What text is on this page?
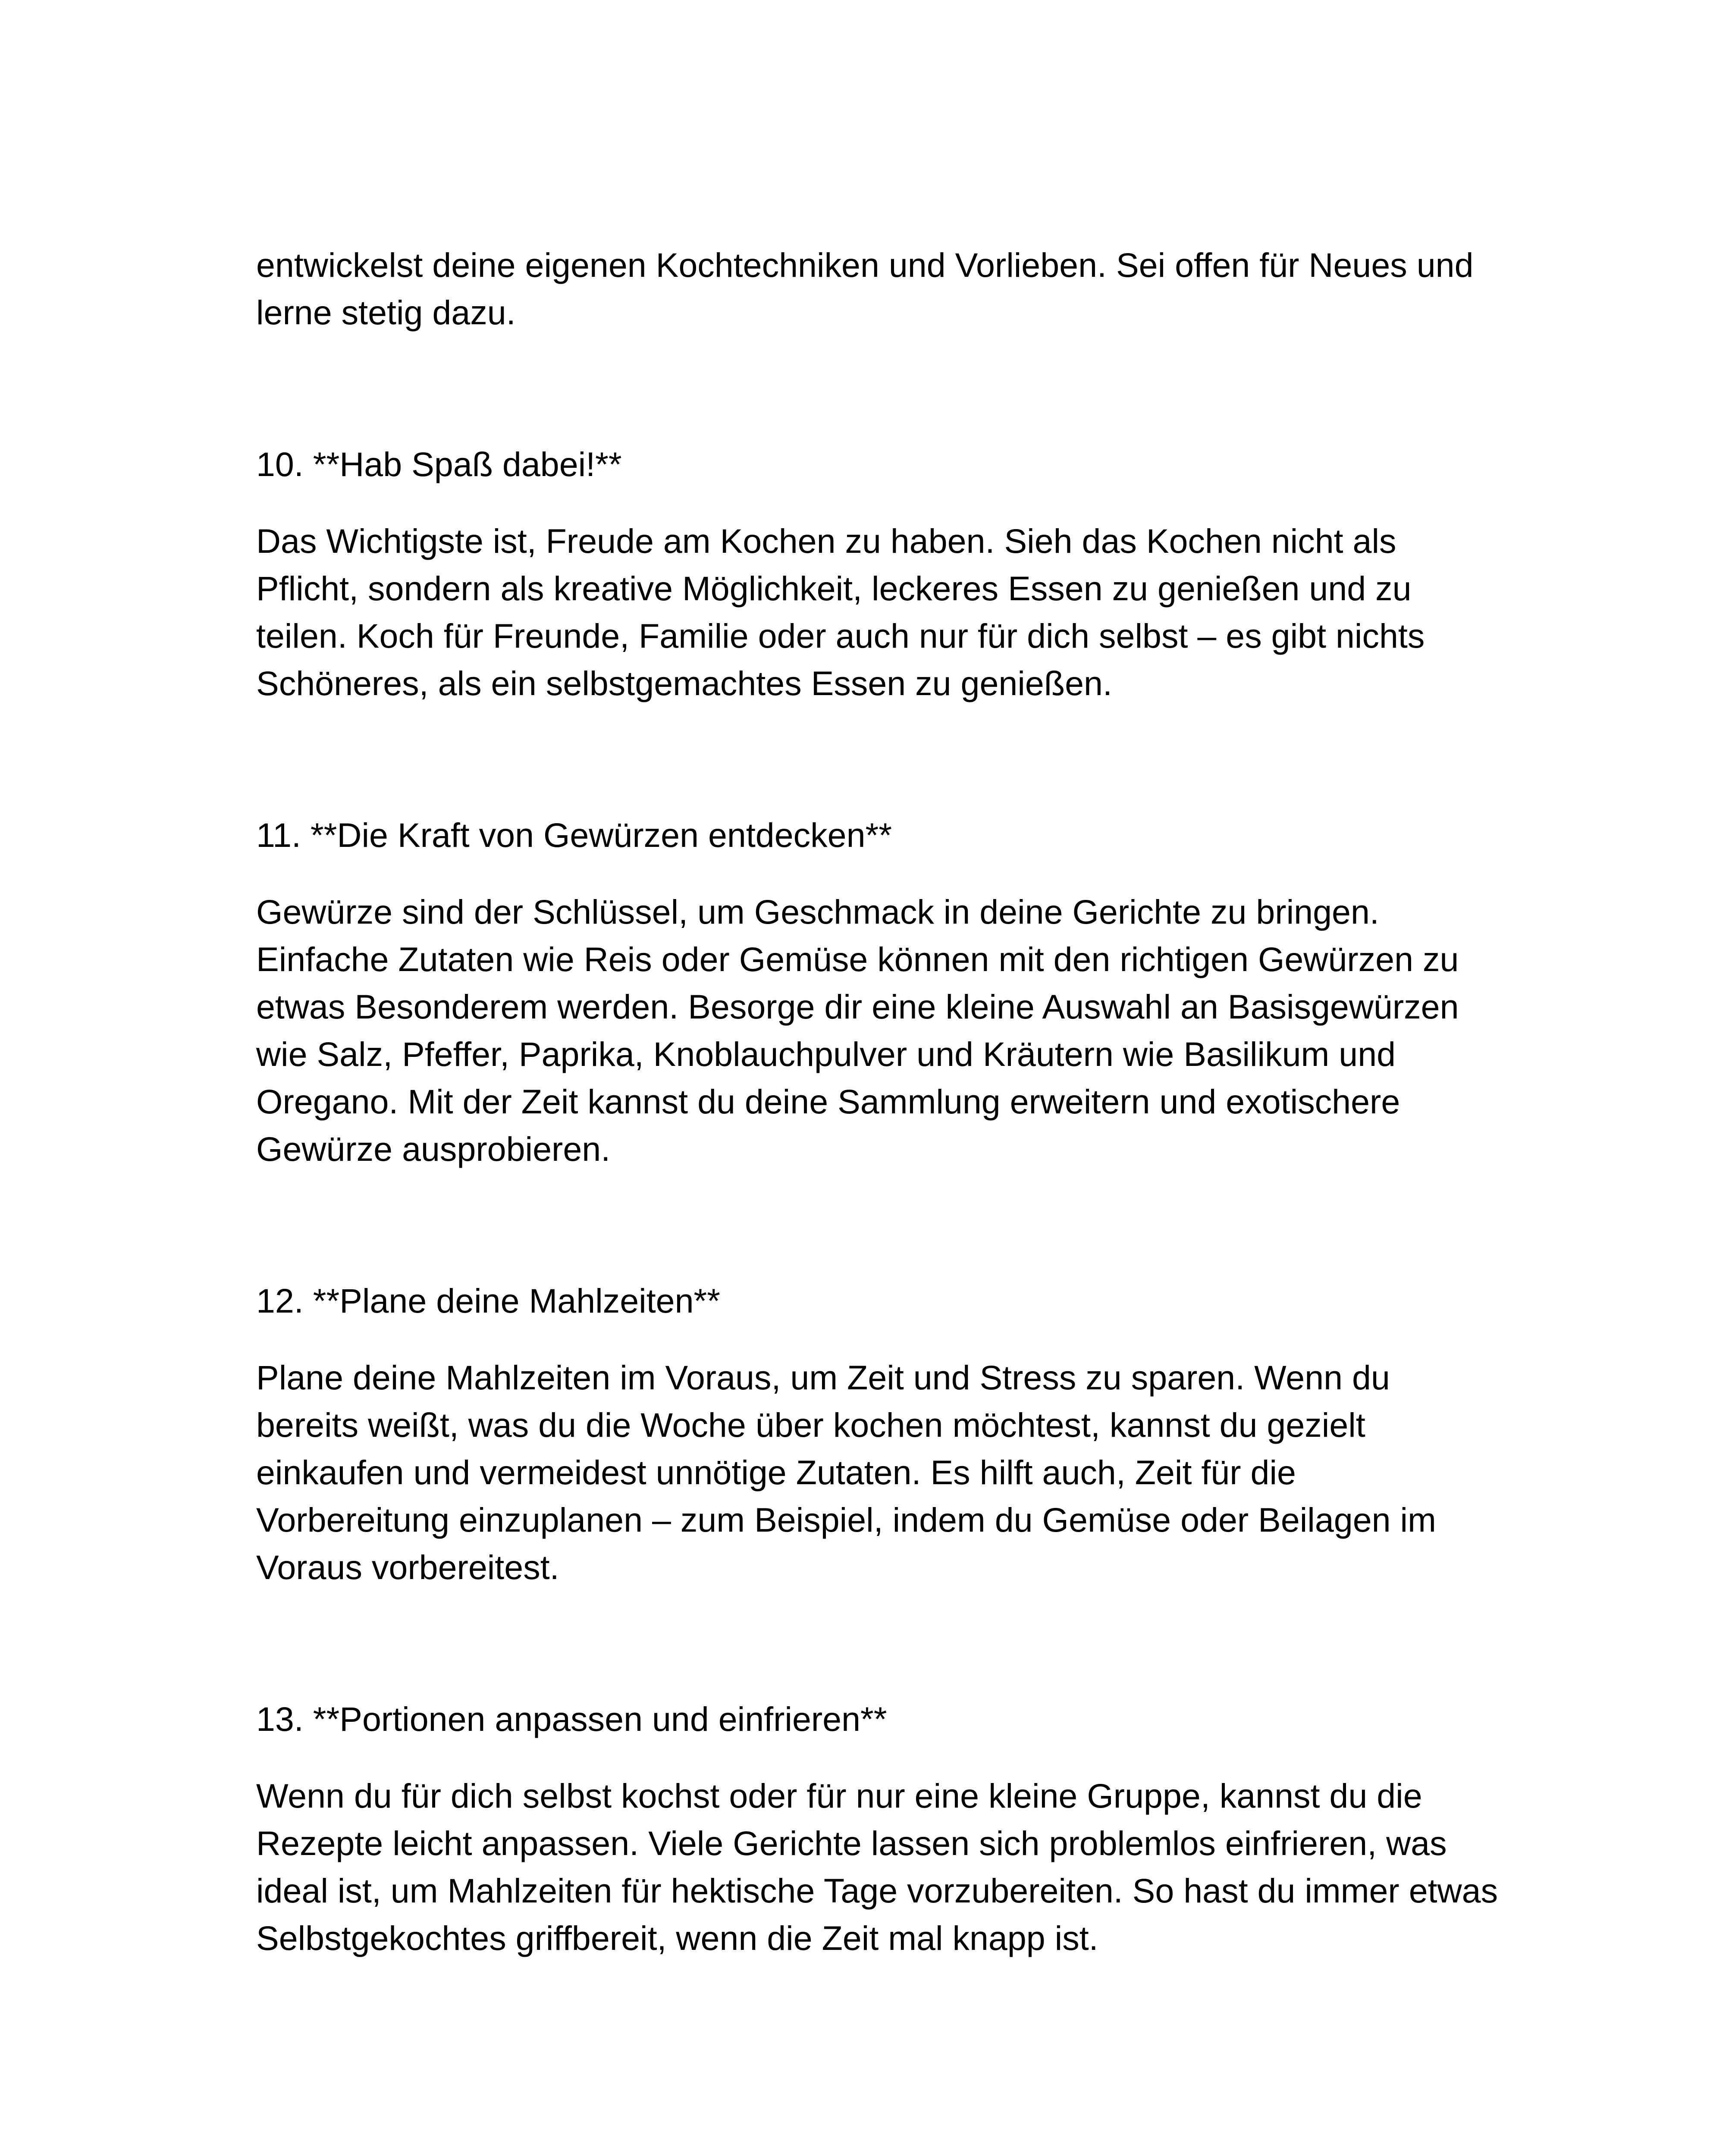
entwickelst deine eigenen Kochtechniken und Vorlieben. Sei offen für Neues und lerne stetig dazu.

10. **Hab Spaß dabei!**

Das Wichtigste ist, Freude am Kochen zu haben. Sieh das Kochen nicht als Pflicht, sondern als kreative Möglichkeit, leckeres Essen zu genießen und zu teilen. Koch für Freunde, Familie oder auch nur für dich selbst – es gibt nichts Schöneres, als ein selbstgemachtes Essen zu genießen.

11. **Die Kraft von Gewürzen entdecken**

Gewürze sind der Schlüssel, um Geschmack in deine Gerichte zu bringen. Einfache Zutaten wie Reis oder Gemüse können mit den richtigen Gewürzen zu etwas Besonderem werden. Besorge dir eine kleine Auswahl an Basisgewürzen wie Salz, Pfeffer, Paprika, Knoblauchpulver und Kräutern wie Basilikum und Oregano. Mit der Zeit kannst du deine Sammlung erweitern und exotischere Gewürze ausprobieren.

12. **Plane deine Mahlzeiten**

Plane deine Mahlzeiten im Voraus, um Zeit und Stress zu sparen. Wenn du bereits weißt, was du die Woche über kochen möchtest, kannst du gezielt einkaufen und vermeidest unnötige Zutaten. Es hilft auch, Zeit für die Vorbereitung einzuplanen – zum Beispiel, indem du Gemüse oder Beilagen im Voraus vorbereitest.

13. **Portionen anpassen und einfrieren**

Wenn du für dich selbst kochst oder für nur eine kleine Gruppe, kannst du die Rezepte leicht anpassen. Viele Gerichte lassen sich problemlos einfrieren, was ideal ist, um Mahlzeiten für hektische Tage vorzubereiten. So hast du immer etwas Selbstgekochtes griffbereit, wenn die Zeit mal knapp ist.
